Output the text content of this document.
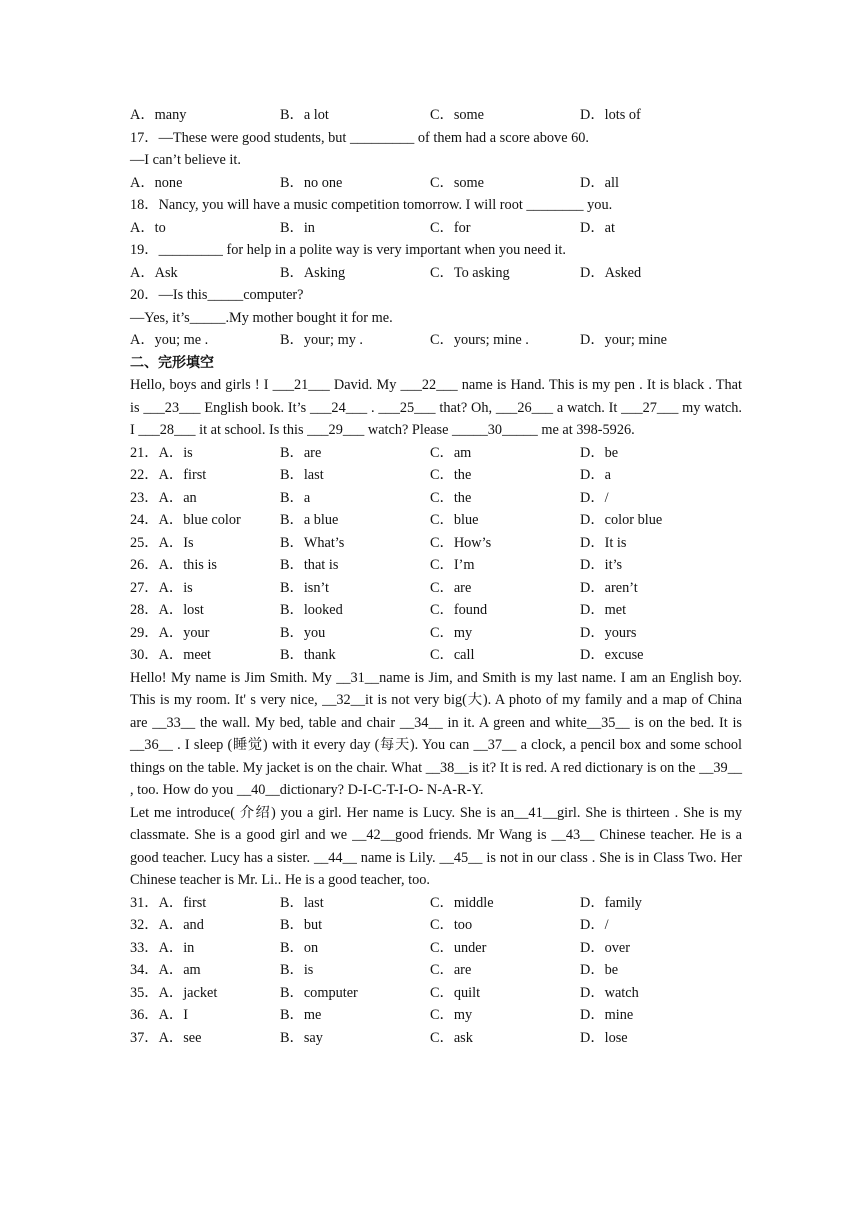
A．many	B．a lot	C．some	D．lots of
17．—These were good students, but _________ of them had a score above 60.
—I can’t believe it.
A．none	B．no one	C．some	D．all
18．Nancy, you will have a music competition tomorrow. I will root ________ you.
A．to	B．in	C．for	D．at
19．_________ for help in a polite way is very important when you need it.
A．Ask	B．Asking	C．To asking	D．Asked
20．—Is this_____computer?
—Yes, it’s_____.My mother bought it for me.
A．you; me .	B．your; my .	C．yours; mine .	D．your; mine
二、完形填空
Hello, boys and girls ! I ___21___ David. My ___22___ name is Hand. This is my pen . It is black . That is ___23___ English book. It’s ___24___ . ___25___ that? Oh, ___26___ a watch. It ___27___ my watch. I ___28___ it at school. Is this ___29___ watch? Please _____30_____ me at 398-5926.
21．A．is	B．are	C．am	D．be
22．A．first	B．last	C．the	D．a
23．A．an	B．a	C．the	D．/
24．A．blue color	B．a blue	C．blue	D．color blue
25．A．Is	B．What’s	C．How’s	D．It is
26．A．this is	B．that is	C．I’m	D．it’s
27．A．is	B．isn’t	C．are	D．aren’t
28．A．lost	B．looked	C．found	D．met
29．A．your	B．you	C．my	D．yours
30．A．meet	B．thank	C．call	D．excuse
Hello! My name is Jim Smith. My __31__name is Jim, and Smith is my last name. I am an English boy. This is my room. It' s very nice, __32__it is not very big(大). A photo of my family and a map of China are __33__ the wall. My bed, table and chair __34__ in it. A green and white__35__ is on the bed. It is __36__ . I sleep (睡觉) with it every day (每天). You can __37__ a clock, a pencil box and some school things on the table. My jacket is on the chair. What __38__is it? It is red. A red dictionary is on the __39__ , too. How do you __40__dictionary? D-I-C-T-I-O- N-A-R-Y.
Let me introduce( 介绍) you a girl. Her name is Lucy. She is an__41__girl. She is thirteen . She is my classmate. She is a good girl and we __42__good friends. Mr Wang is __43__ Chinese teacher. He is a good teacher. Lucy has a sister. __44__ name is Lily. __45__ is not in our class . She is in Class Two. Her Chinese teacher is Mr. Li.. He is a good teacher, too.
31．A．first	B．last	C．middle	D．family
32．A．and	B．but	C．too	D．/
33．A．in	B．on	C．under	D．over
34．A．am	B．is	C．are	D．be
35．A．jacket	B．computer	C．quilt	D．watch
36．A．I	B．me	C．my	D．mine
37．A．see	B．say	C．ask	D．lose
